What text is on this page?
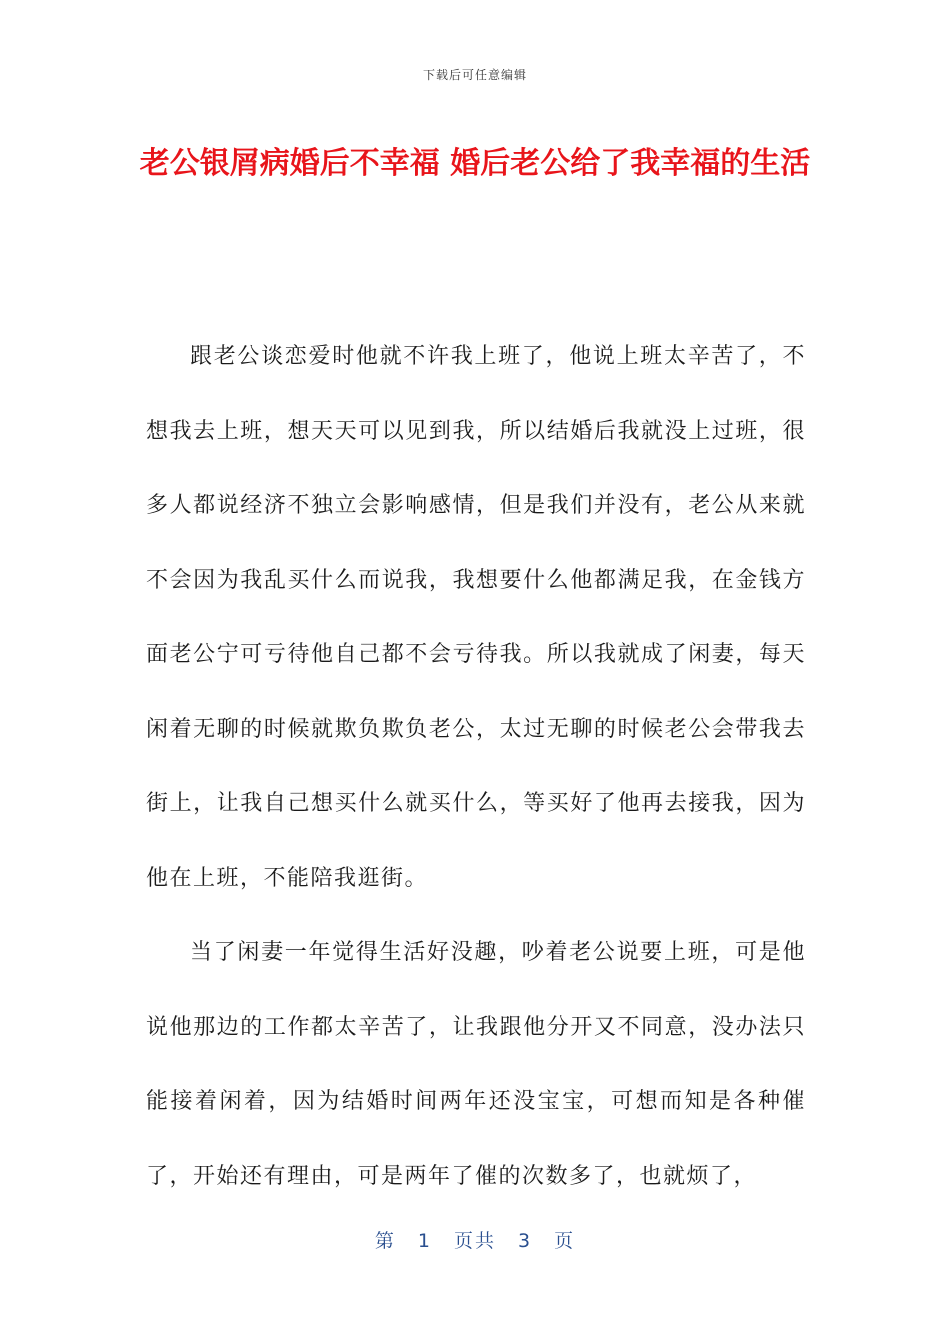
下载后可任意编辑
老公银屑病婚后不幸福 婚后老公给了我幸福的生活

跟老公谈恋爱时他就不许我上班了，他说上班太辛苦了，不想我去上班，想天天可以见到我，所以结婚后我就没上过班，很多人都说经济不独立会影响感情，但是我们并没有，老公从来就不会因为我乱买什么而说我，我想要什么他都满足我，在金钱方面老公宁可亏待他自己都不会亏待我。所以我就成了闲妻，每天闲着无聊的时候就欺负欺负老公，太过无聊的时候老公会带我去街上，让我自己想买什么就买什么，等买好了他再去接我，因为他在上班，不能陪我逛街。

当了闲妻一年觉得生活好没趣，吵着老公说要上班，可是他说他那边的工作都太辛苦了，让我跟他分开又不同意，没办法只能接着闲着，因为结婚时间两年还没宝宝，可想而知是各种催了，开始还有理由，可是两年了催的次数多了，也就烦了，

第 1 页共 3 页
